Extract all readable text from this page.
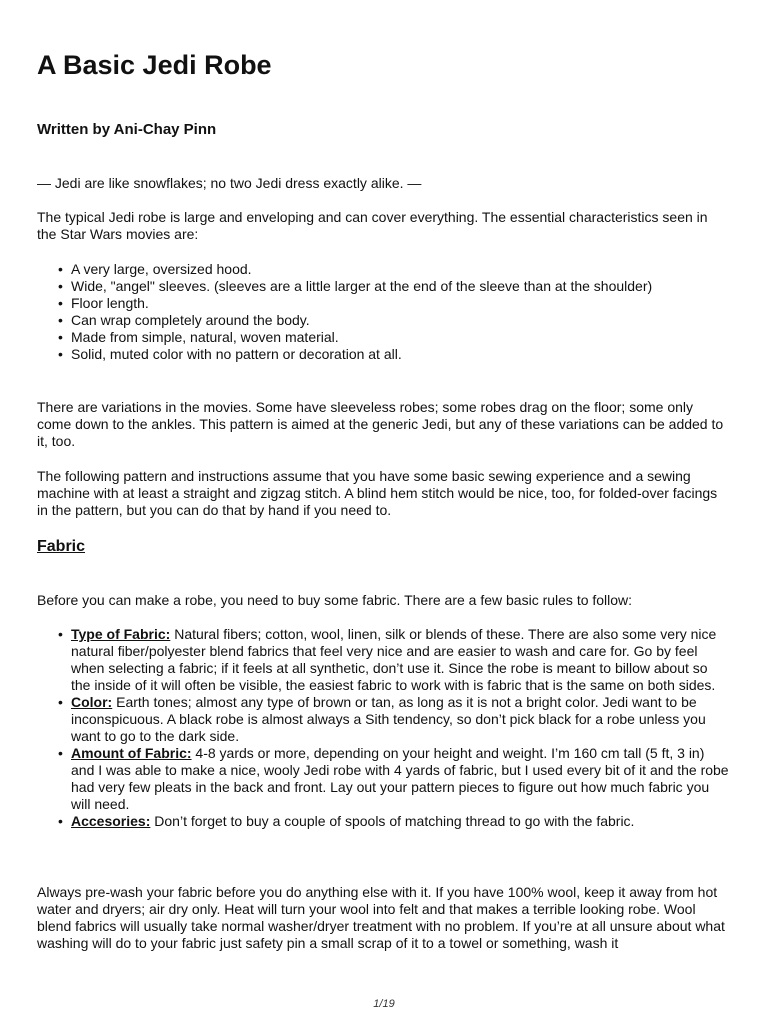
A Basic Jedi Robe
Written by Ani-Chay Pinn

— Jedi are like snowflakes; no two Jedi dress exactly alike. —

The typical Jedi robe is large and enveloping and can cover everything. The essential characteristics seen in the Star Wars movies are:

• A very large, oversized hood.
• Wide, "angel" sleeves. (sleeves are a little larger at the end of the sleeve than at the shoulder)
• Floor length.
• Can wrap completely around the body.
• Made from simple, natural, woven material.
• Solid, muted color with no pattern or decoration at all.

There are variations in the movies. Some have sleeveless robes; some robes drag on the floor; some only come down to the ankles. This pattern is aimed at the generic Jedi, but any of these variations can be added to it, too.

The following pattern and instructions assume that you have some basic sewing experience and a sewing machine with at least a straight and zigzag stitch. A blind hem stitch would be nice, too, for folded-over facings in the pattern, but you can do that by hand if you need to.

Fabric

Before you can make a robe, you need to buy some fabric. There are a few basic rules to follow:

• Type of Fabric: Natural fibers; cotton, wool, linen, silk or blends of these. There are also some very nice natural fiber/polyester blend fabrics that feel very nice and are easier to wash and care for. Go by feel when selecting a fabric; if it feels at all synthetic, don’t use it. Since the robe is meant to billow about so the inside of it will often be visible, the easiest fabric to work with is fabric that is the same on both sides.
• Color: Earth tones; almost any type of brown or tan, as long as it is not a bright color. Jedi want to be inconspicuous. A black robe is almost always a Sith tendency, so don’t pick black for a robe unless you want to go to the dark side.
• Amount of Fabric: 4-8 yards or more, depending on your height and weight. I’m 160 cm tall (5 ft, 3 in) and I was able to make a nice, wooly Jedi robe with 4 yards of fabric, but I used every bit of it and the robe had very few pleats in the back and front. Lay out your pattern pieces to figure out how much fabric you will need.
• Accesories: Don’t forget to buy a couple of spools of matching thread to go with the fabric.

Always pre-wash your fabric before you do anything else with it. If you have 100% wool, keep it away from hot water and dryers; air dry only. Heat will turn your wool into felt and that makes a terrible looking robe. Wool blend fabrics will usually take normal washer/dryer treatment with no problem. If you’re at all unsure about what washing will do to your fabric just safety pin a small scrap of it to a towel or something, wash it

1/19
